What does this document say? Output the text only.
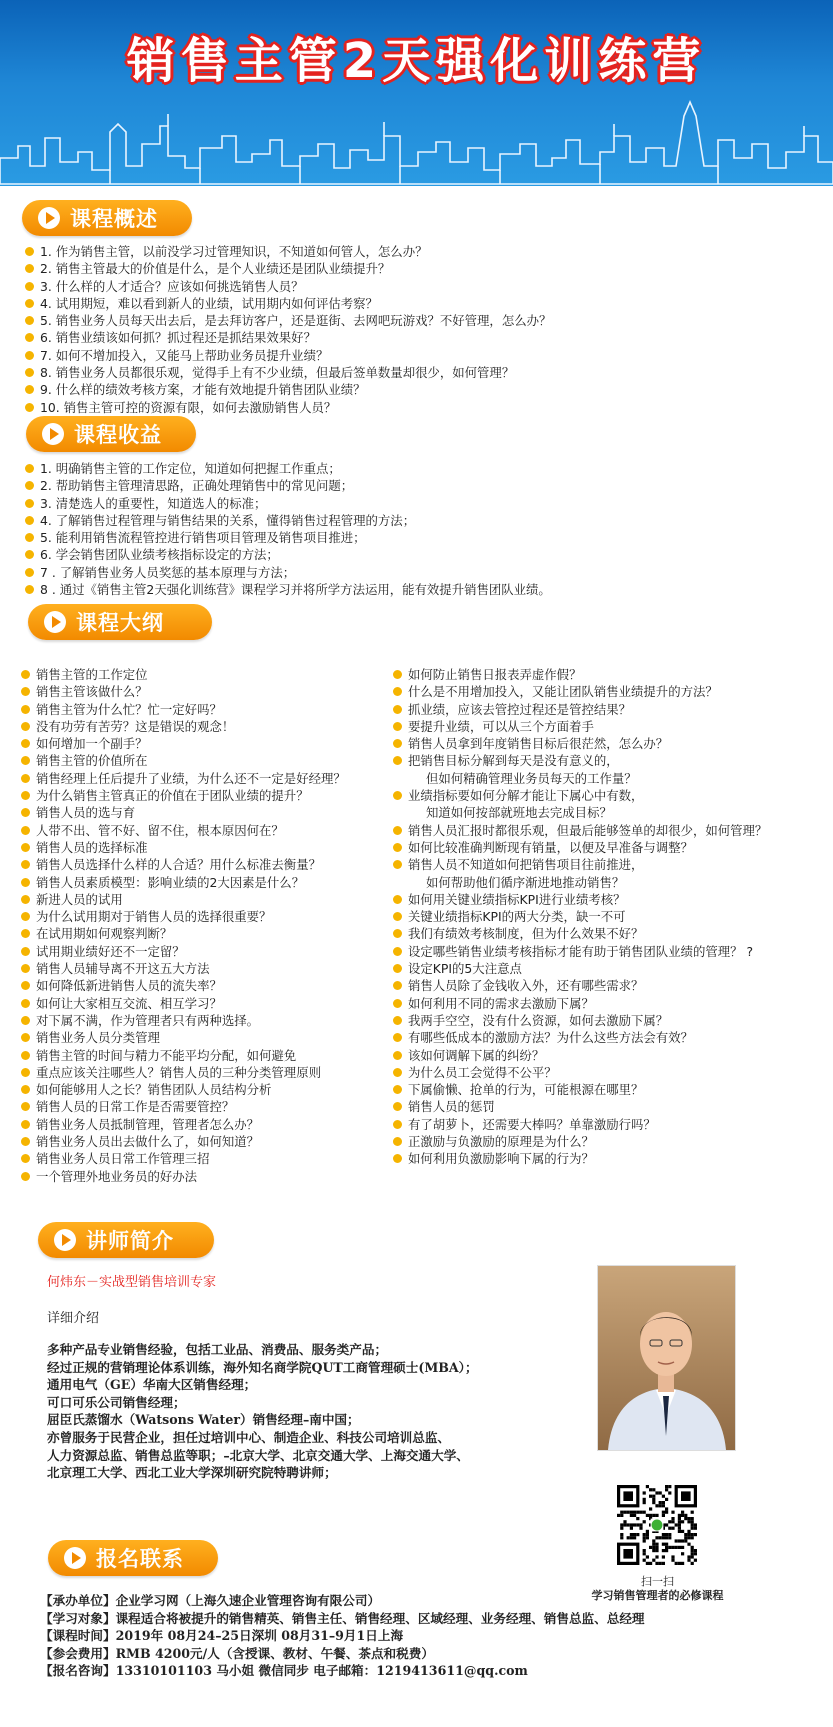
销售主管2天强化训练营
课程概述
1. 作为销售主管，以前没学习过管理知识，不知道如何管人，怎么办？
2. 销售主管最大的价值是什么，是个人业绩还是团队业绩提升？
3. 什么样的人才适合？应该如何挑选销售人员？
4. 试用期短，难以看到新人的业绩，试用期内如何评估考察？
5. 销售业务人员每天出去后，是去拜访客户，还是逛街、去网吧玩游戏？不好管理，怎么办？
6. 销售业绩该如何抓？抓过程还是抓结果效果好？
7. 如何不增加投入，又能马上帮助业务员提升业绩？
8. 销售业务人员都很乐观，觉得手上有不少业绩，但最后签单数量却很少，如何管理？
9. 什么样的绩效考核方案，才能有效地提升销售团队业绩？
10. 销售主管可控的资源有限，如何去激励销售人员？
课程收益
1. 明确销售主管的工作定位，知道如何把握工作重点；
2. 帮助销售主管理清思路，正确处理销售中的常见问题；
3. 清楚选人的重要性，知道选人的标准；
4. 了解销售过程管理与销售结果的关系，懂得销售过程管理的方法；
5. 能利用销售流程管控进行销售项目管理及销售项目推进；
6. 学会销售团队业绩考核指标设定的方法；
7 . 了解销售业务人员奖惩的基本原理与方法；
8 . 通过《销售主管2天强化训练营》课程学习并将所学方法运用，能有效提升销售团队业绩。
课程大纲
销售主管的工作定位
销售主管该做什么？
销售主管为什么忙？忙一定好吗？
没有功劳有苦劳？这是错误的观念！
如何增加一个副手？
销售主管的价值所在
销售经理上任后提升了业绩，为什么还不一定是好经理？
为什么销售主管真正的价值在于团队业绩的提升？
销售人员的选与育
人带不出、管不好、留不住，根本原因何在？
销售人员的选择标准
销售人员选择什么样的人合适？用什么标准去衡量？
销售人员素质模型：影响业绩的2大因素是什么？
新进人员的试用
为什么试用期对于销售人员的选择很重要？
在试用期如何观察判断？
试用期业绩好还不一定留？
销售人员辅导离不开这五大方法
如何降低新进销售人员的流失率？
如何让大家相互交流、相互学习？
对下属不满，作为管理者只有两种选择。
销售业务人员分类管理
销售主管的时间与精力不能平均分配，如何避免
重点应该关注哪些人？销售人员的三种分类管理原则
如何能够用人之长？销售团队人员结构分析
销售人员的日常工作是否需要管控？
销售业务人员抵制管理，管理者怎么办？
销售业务人员出去做什么了，如何知道？
销售业务人员日常工作管理三招
一个管理外地业务员的好办法
如何防止销售日报表弄虚作假？
什么是不用增加投入，又能让团队销售业绩提升的方法？
抓业绩，应该去管控过程还是管控结果？
要提升业绩，可以从三个方面着手
销售人员拿到年度销售目标后很茫然，怎么办？
把销售目标分解到每天是没有意义的，
但如何精确管理业务员每天的工作量？
业绩指标要如何分解才能让下属心中有数，
知道如何按部就班地去完成目标？
销售人员汇报时都很乐观，但最后能够签单的却很少，如何管理？
如何比较准确判断现有销量，以便及早准备与调整？
销售人员不知道如何把销售项目往前推进，
如何帮助他们循序渐进地推动销售？
如何用关键业绩指标KPI进行业绩考核？
关键业绩指标KPI的两大分类，缺一不可
我们有绩效考核制度，但为什么效果不好？
设定哪些销售业绩考核指标才能有助于销售团队业绩的管理？ ?
设定KPI的5大注意点
销售人员除了金钱收入外，还有哪些需求？
如何利用不同的需求去激励下属？
我两手空空，没有什么资源，如何去激励下属？
有哪些低成本的激励方法？为什么这些方法会有效？
该如何调解下属的纠纷？
为什么员工会觉得不公平？
下属偷懒、抢单的行为，可能根源在哪里？
销售人员的惩罚
有了胡萝卜，还需要大棒吗？单靠激励行吗？
正激励与负激励的原理是为什么？
如何利用负激励影响下属的行为？
讲师简介
何炜东－实战型销售培训专家
详细介绍
多种产品专业销售经验，包括工业品、消费品、服务类产品；
经过正规的营销理论体系训练，海外知名商学院QUT工商管理硕士(MBA）；
通用电气（GE）华南大区销售经理；
可口可乐公司销售经理；
屈臣氏蒸馏水（Watsons Water）销售经理–南中国；
亦曾服务于民营企业，担任过培训中心、制造企业、科技公司培训总监、
人力资源总监、销售总监等职；–北京大学、北京交通大学、上海交通大学、
北京理工大学、西北工业大学深圳研究院特聘讲师；
扫一扫
学习销售管理者的必修课程
报名联系
【承办单位】企业学习网（上海久速企业管理咨询有限公司）
【学习对象】课程适合将被提升的销售精英、销售主任、销售经理、区域经理、业务经理、销售总监、总经理
【课程时间】2019年 08月24–25日深圳 08月31–9月1日上海
【参会费用】RMB 4200元/人（含授课、教材、午餐、茶点和税费）
【报名咨询】13310101103 马小姐 微信同步 电子邮箱：1219413611@qq.com
